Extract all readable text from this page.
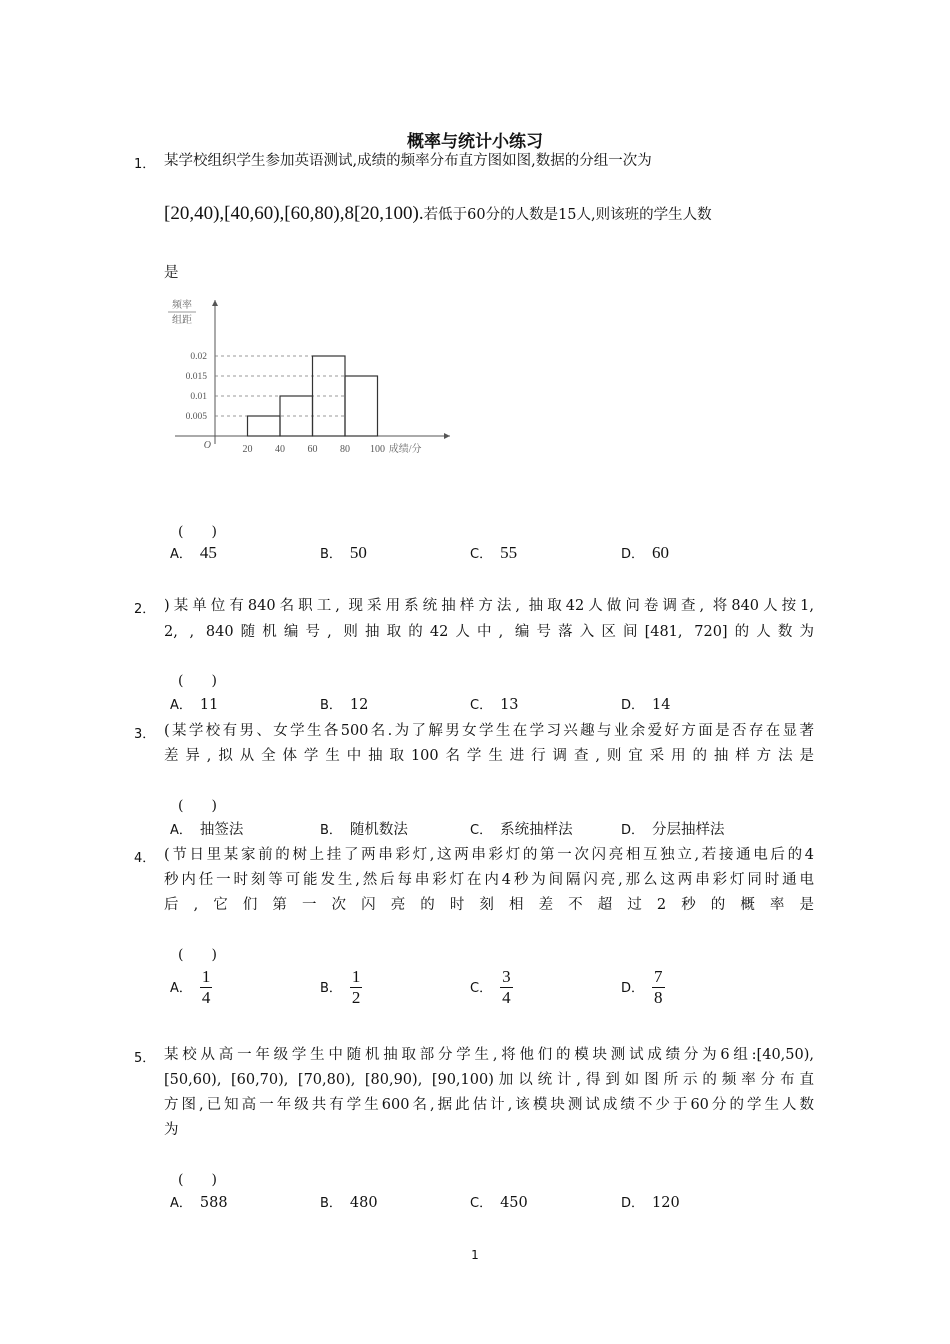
概率与统计小练习
1． 某学校组织学生参加英语测试,成绩的频率分布直方图如图,数据的分组一次为
[20,40),[40,60),[60,80),8[20,100).若低于60分的人数是15人,则该班的学生人数
是
频率
组距
0.005
0.01
0.015
0.02
20 40 60 80 100
O	成绩/分
(　　)
A． 45	B． 50	C． 55	D． 60
2． )某单位有840名职工, 现采用系统抽样方法, 抽取42人做问卷调查, 将840人按1,
2, , 840随机编号, 则抽取的42人中, 编号落入区间[481, 720]的人数为
(　　)
A． 11	B． 12	C． 13	D． 14
3． (某学校有男、女学生各500名.为了解男女学生在学习兴趣与业余爱好方面是否存在显著
差异,拟从全体学生中抽取100名学生进行调查,则宜采用的抽样方法是
(　　)
A． 抽签法	B． 随机数法	C． 系统抽样法	D． 分层抽样法
4． (节日里某家前的树上挂了两串彩灯,这两串彩灯的第一次闪亮相互独立,若接通电后的4
秒内任一时刻等可能发生,然后每串彩灯在内4秒为间隔闪亮,那么这两串彩灯同时通电
后,它们第一次闪亮的时刻相差不超过2秒的概率是
(　　)
A． $\frac{1}{4}$	B． $\frac{1}{2}$	C． $\frac{3}{4}$	D． $\frac{7}{8}$
5． 某校从高一年级学生中随机抽取部分学生,将他们的模块测试成绩分为6组:[40,50),
[50,60), [60,70), [70,80), [80,90), [90,100)加以统计,得到如图所示的频率分布直
方图,已知高一年级共有学生600名,据此估计,该模块测试成绩不少于60分的学生人数
为
(　　)
A． 588	B． 480	C． 450	D． 120
1
